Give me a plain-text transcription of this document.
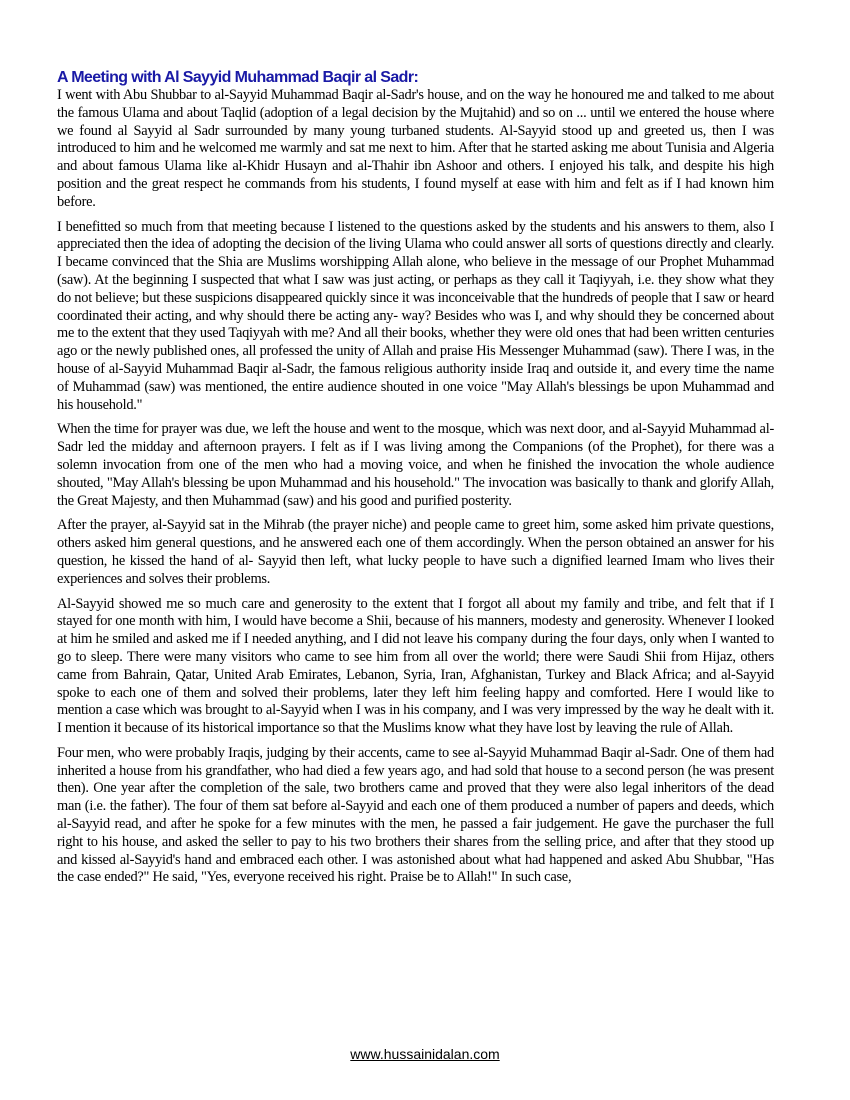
A Meeting with Al Sayyid Muhammad Baqir al Sadr:

I went with Abu Shubbar to al-Sayyid Muhammad Baqir al-Sadr's house, and on the way he honoured me and talked to me about the famous Ulama and about Taqlid (adoption of a legal decision by the Mujtahid) and so on ... until we entered the house where we found al Sayyid al Sadr surrounded by many young turbaned students. Al-Sayyid stood up and greeted us, then I was introduced to him and he welcomed me warmly and sat me next to him. After that he started asking me about Tunisia and Algeria and about famous Ulama like al-Khidr Husayn and al-Thahir ibn Ashoor and others. I enjoyed his talk, and despite his high position and the great respect he commands from his students, I found myself at ease with him and felt as if I had known him before.

I benefitted so much from that meeting because I listened to the questions asked by the students and his answers to them, also I appreciated then the idea of adopting the decision of the living Ulama who could answer all sorts of questions directly and clearly. I became convinced that the Shia are Muslims worshipping Allah alone, who believe in the message of our Prophet Muhammad (saw). At the beginning I suspected that what I saw was just acting, or perhaps as they call it Taqiyyah, i.e. they show what they do not believe; but these suspicions disappeared quickly since it was inconceivable that the hundreds of people that I saw or heard coordinated their acting, and why should there be acting any- way? Besides who was I, and why should they be concerned about me to the extent that they used Taqiyyah with me? And all their books, whether they were old ones that had been written centuries ago or the newly published ones, all professed the unity of Allah and praise His Messenger Muhammad (saw). There I was, in the house of al-Sayyid Muhammad Baqir al-Sadr, the famous religious authority inside Iraq and outside it, and every time the name of Muhammad (saw) was mentioned, the entire audience shouted in one voice "May Allah's blessings be upon Muhammad and his household."

When the time for prayer was due, we left the house and went to the mosque, which was next door, and al-Sayyid Muhammad al-Sadr led the midday and afternoon prayers. I felt as if I was living among the Companions (of the Prophet), for there was a solemn invocation from one of the men who had a moving voice, and when he finished the invocation the whole audience shouted, "May Allah's blessing be upon Muhammad and his household." The invocation was basically to thank and glorify Allah, the Great Majesty, and then Muhammad (saw) and his good and purified posterity.

After the prayer, al-Sayyid sat in the Mihrab (the prayer niche) and people came to greet him, some asked him private questions, others asked him general questions, and he answered each one of them accordingly. When the person obtained an answer for his question, he kissed the hand of al- Sayyid then left, what lucky people to have such a dignified learned Imam who lives their experiences and solves their problems.

Al-Sayyid showed me so much care and generosity to the extent that I forgot all about my family and tribe, and felt that if I stayed for one month with him, I would have become a Shii, because of his manners, modesty and generosity. Whenever I looked at him he smiled and asked me if I needed anything, and I did not leave his company during the four days, only when I wanted to go to sleep. There were many visitors who came to see him from all over the world; there were Saudi Shii from Hijaz, others came from Bahrain, Qatar, United Arab Emirates, Lebanon, Syria, Iran, Afghanistan, Turkey and Black Africa; and al-Sayyid spoke to each one of them and solved their problems, later they left him feeling happy and comforted. Here I would like to mention a case which was brought to al-Sayyid when I was in his company, and I was very impressed by the way he dealt with it. I mention it because of its historical importance so that the Muslims know what they have lost by leaving the rule of Allah.

Four men, who were probably Iraqis, judging by their accents, came to see al-Sayyid Muhammad Baqir al-Sadr. One of them had inherited a house from his grandfather, who had died a few years ago, and had sold that house to a second person (he was present then). One year after the completion of the sale, two brothers came and proved that they were also legal inheritors of the dead man (i.e. the father). The four of them sat before al-Sayyid and each one of them produced a number of papers and deeds, which al-Sayyid read, and after he spoke for a few minutes with the men, he passed a fair judgement. He gave the purchaser the full right to his house, and asked the seller to pay to his two brothers their shares from the selling price, and after that they stood up and kissed al-Sayyid's hand and embraced each other. I was astonished about what had happened and asked Abu Shubbar, "Has the case ended?" He said, "Yes, everyone received his right. Praise be to Allah!" In such case,

www.hussainidalan.com
